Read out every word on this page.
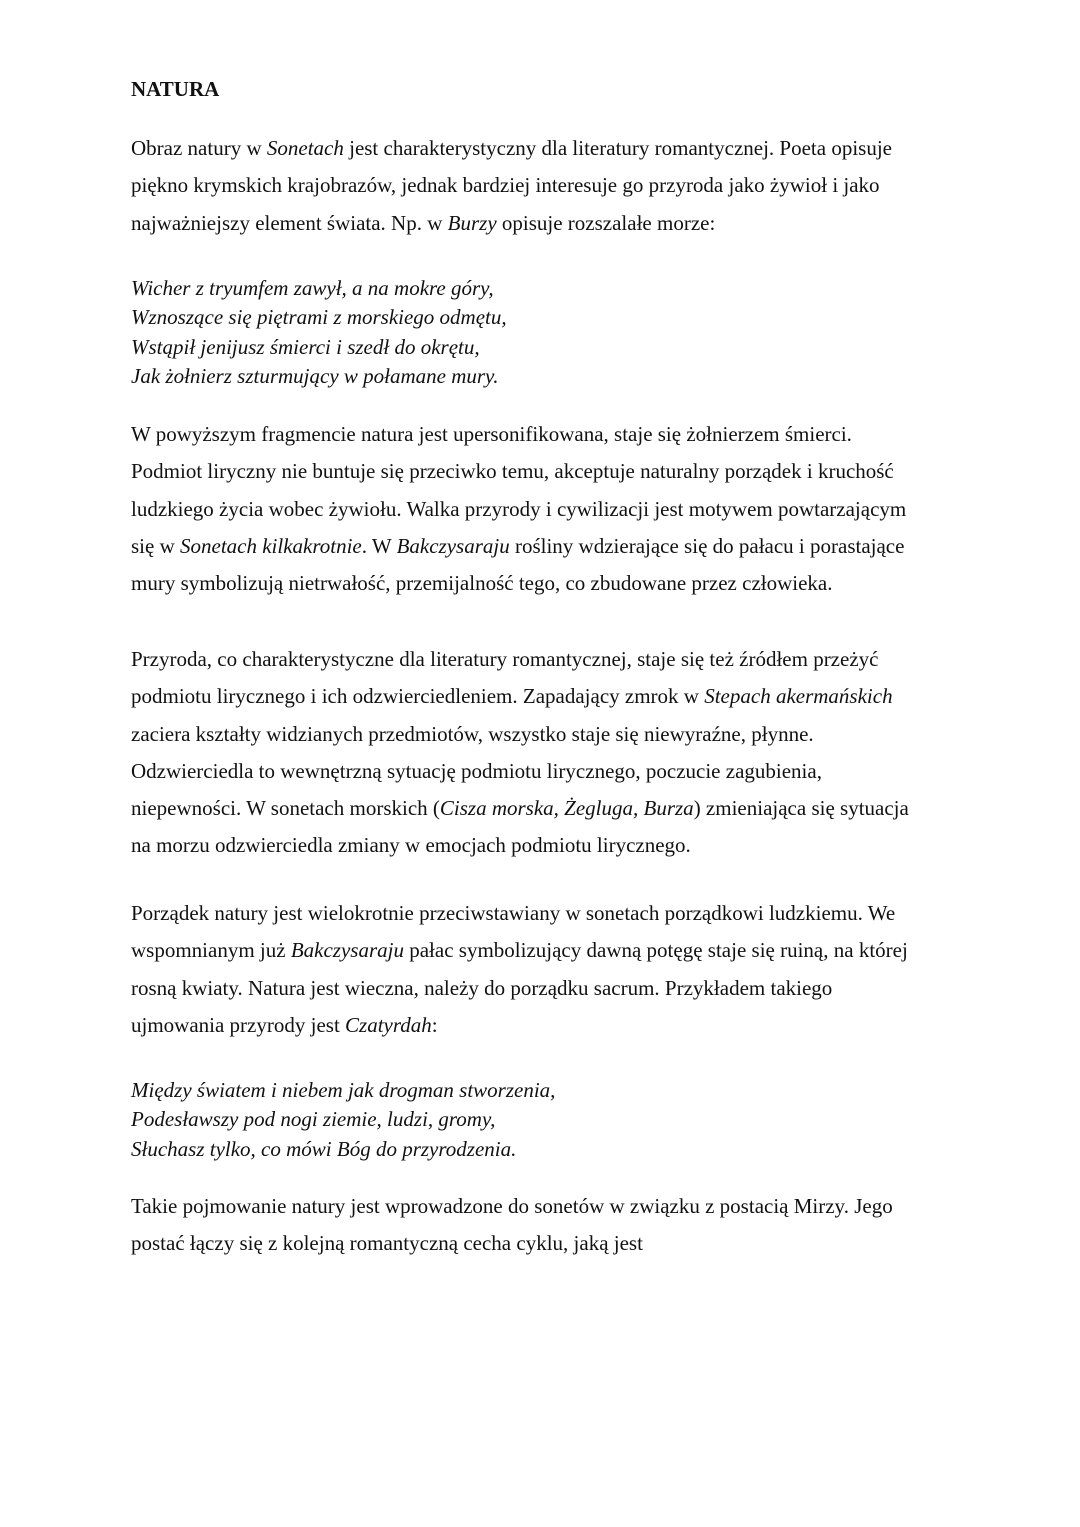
NATURA

Obraz natury w Sonetach jest charakterystyczny dla literatury romantycznej. Poeta opisuje
piękno krymskich krajobrazów, jednak bardziej interesuje go przyroda jako żywioł i jako
najważniejszy element świata. Np. w Burzy opisuje rozszalałe morze:

Wicher z tryumfem zawył, a na mokre góry,
Wznoszące się piętrami z morskiego odmętu,
Wstąpił jenijusz śmierci i szedł do okrętu,
Jak żołnierz szturmujący w połamane mury.

W powyższym fragmencie natura jest upersonifikowana, staje się żołnierzem śmierci.
Podmiot liryczny nie buntuje się przeciwko temu, akceptuje naturalny porządek i kruchość
ludzkiego życia wobec żywiołu. Walka przyrody i cywilizacji jest motywem powtarzającym
się w Sonetach kilkakrotnie. W Bakczysaraju rośliny wdzierające się do pałacu i porastające
mury symbolizują nietrwałość, przemijalność tego, co zbudowane przez człowieka.

Przyroda, co charakterystyczne dla literatury romantycznej, staje się też źródłem przeżyć
podmiotu lirycznego i ich odzwierciedleniem. Zapadający zmrok w Stepach akermańskich
zaciera kształty widzianych przedmiotów, wszystko staje się niewyraźne, płynne.
Odzwierciedla to wewnętrzną sytuację podmiotu lirycznego, poczucie zagubienia,
niepewności. W sonetach morskich (Cisza morska, Żegluga, Burza) zmieniająca się sytuacja
na morzu odzwierciedla zmiany w emocjach podmiotu lirycznego.

Porządek natury jest wielokrotnie przeciwstawiany w sonetach porządkowi ludzkiemu. We
wspomnianym już Bakczysaraju pałac symbolizujący dawną potęgę staje się ruiną, na której
rosną kwiaty. Natura jest wieczna, należy do porządku sacrum. Przykładem takiego
ujmowania przyrody jest Czatyrdah:

Między światem i niebem jak drogman stworzenia,
Podesławszy pod nogi ziemie, ludzi, gromy,
Słuchasz tylko, co mówi Bóg do przyrodzenia.

Takie pojmowanie natury jest wprowadzone do sonetów w związku z postacią Mirzy. Jego
postać łączy się z kolejną romantyczną cecha cyklu, jaką jest
